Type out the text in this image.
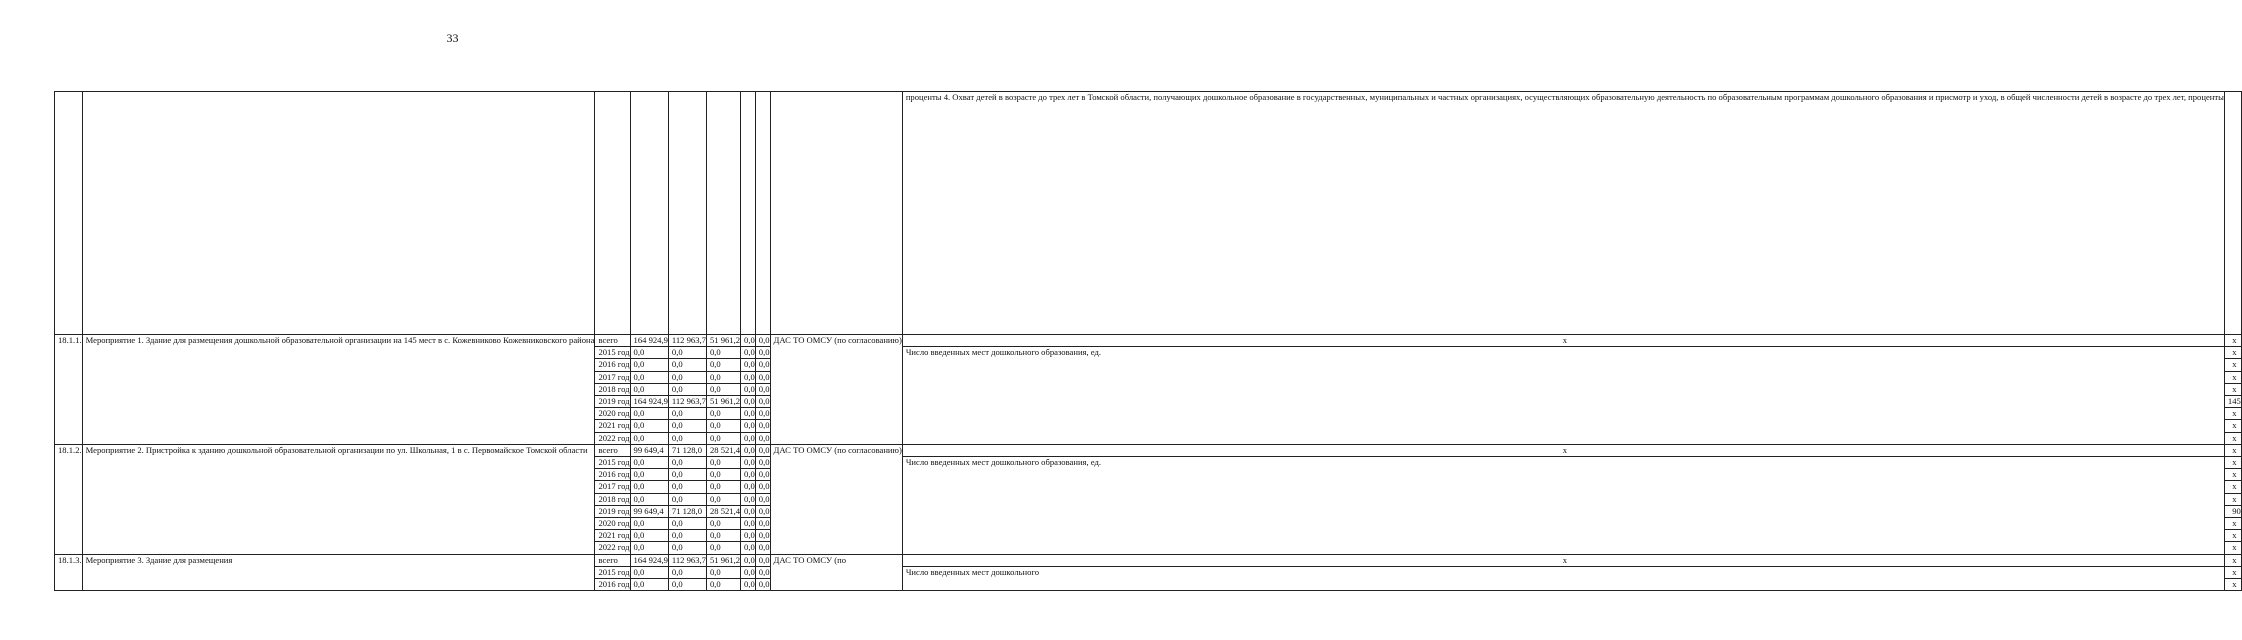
33
									проценты 4. Охват детей в возрасте до трех лет в Томской области, получающих дошкольное образование в государственных, муниципальных и частных организациях, осуществляющих образовательную деятельность по образовательным программам дошкольного образования и присмотр и уход, в общей численности детей в возрасте до трех лет, проценты	
18.1.1.	Мероприятие 1. Здание для размещения дошкольной образовательной организации на 145 мест в с. Кожевниково Кожевниковского района	всего	164 924,9	112 963,7	51 961,2	0,0	0,0	ДАС ТО ОМСУ (по согласованию)	x	x
		2015 год	0,0	0,0	0,0	0,0	0,0		Число введенных мест дошкольного образования, ед.	x
		2016 год	0,0	0,0	0,0	0,0	0,0			x
		2017 год	0,0	0,0	0,0	0,0	0,0			x
		2018 год	0,0	0,0	0,0	0,0	0,0			x
		2019 год	164 924,9	112 963,7	51 961,2	0,0	0,0			145
		2020 год	0,0	0,0	0,0	0,0	0,0			x
		2021 год	0,0	0,0	0,0	0,0	0,0			x
		2022 год	0,0	0,0	0,0	0,0	0,0			x
18.1.2.	Мероприятие 2. Пристройка к зданию дошкольной образовательной организации по ул. Школьная, 1 в с. Первомайское Томской области	всего	99 649,4	71 128,0	28 521,4	0,0	0,0	ДАС ТО ОМСУ (по согласованию)	x	x
		2015 год	0,0	0,0	0,0	0,0	0,0		Число введенных мест дошкольного образования, ед.	x
		2016 год	0,0	0,0	0,0	0,0	0,0			x
		2017 год	0,0	0,0	0,0	0,0	0,0			x
		2018 год	0,0	0,0	0,0	0,0	0,0			x
		2019 год	99 649,4	71 128,0	28 521,4	0,0	0,0			90
		2020 год	0,0	0,0	0,0	0,0	0,0			x
		2021 год	0,0	0,0	0,0	0,0	0,0			x
		2022 год	0,0	0,0	0,0	0,0	0,0			x
18.1.3.	Мероприятие 3. Здание для размещения	всего	164 924,9	112 963,7	51 961,2	0,0	0,0	ДАС ТО ОМСУ (по	x	x
		2015 год	0,0	0,0	0,0	0,0	0,0		Число введенных мест дошкольного	x
		2016 год	0,0	0,0	0,0	0,0	0,0			x
